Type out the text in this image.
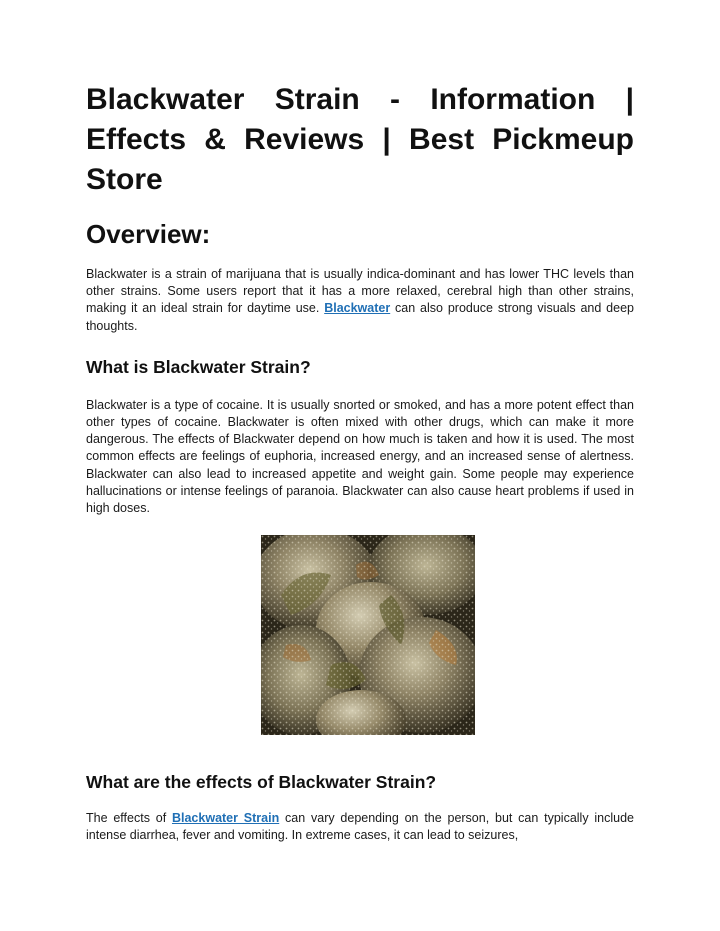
Blackwater Strain - Information | Effects & Reviews | Best Pickmeup Store
Overview:

Blackwater is a strain of marijuana that is usually indica-dominant and has lower THC levels than other strains. Some users report that it has a more relaxed, cerebral high than other strains, making it an ideal strain for daytime use. Blackwater can also produce strong visuals and deep thoughts.

What is Blackwater Strain?

Blackwater is a type of cocaine. It is usually snorted or smoked, and has a more potent effect than other types of cocaine. Blackwater is often mixed with other drugs, which can make it more dangerous. The effects of Blackwater depend on how much is taken and how it is used. The most common effects are feelings of euphoria, increased energy, and an increased sense of alertness. Blackwater can also lead to increased appetite and weight gain. Some people may experience hallucinations or intense feelings of paranoia. Blackwater can also cause heart problems if used in high doses.

What are the effects of Blackwater Strain?

The effects of Blackwater Strain can vary depending on the person, but can typically include intense diarrhea, fever and vomiting. In extreme cases, it can lead to seizures,
